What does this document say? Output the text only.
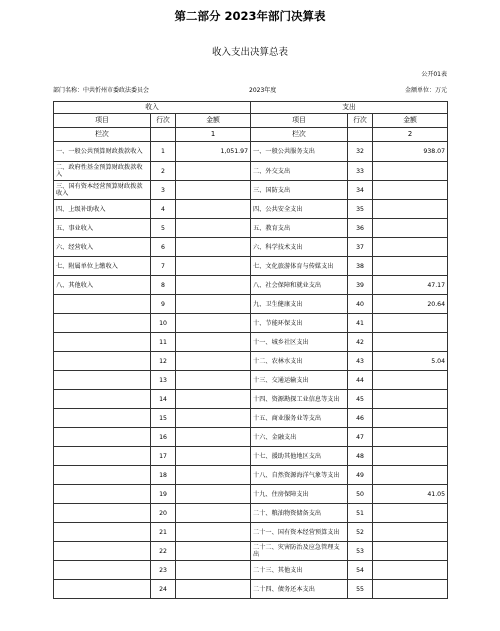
第二部分 2023年部门决算表
收入支出决算总表
公开01表
部门名称：中共忻州市委政法委员会	2023年度	金额单位：万元
收入			支出		
项目	行次	金额	项目	行次	金额
栏次		1	栏次		2
一、一般公共预算财政拨款收入	1	1,051.97	一、一般公共服务支出	32	938.07
二、政府性基金预算财政拨款收入	2		二、外交支出	33	
三、国有资本经营预算财政拨款收入	3		三、国防支出	34	
四、上级补助收入	4		四、公共安全支出	35	
五、事业收入	5		五、教育支出	36	
六、经营收入	6		六、科学技术支出	37	
七、附属单位上缴收入	7		七、文化旅游体育与传媒支出	38	
八、其他收入	8		八、社会保障和就业支出	39	47.17
	9		九、卫生健康支出	40	20.64
	10		十、节能环保支出	41	
	11		十一、城乡社区支出	42	
	12		十二、农林水支出	43	5.04
	13		十三、交通运输支出	44	
	14		十四、资源勘探工业信息等支出	45	
	15		十五、商业服务业等支出	46	
	16		十六、金融支出	47	
	17		十七、援助其他地区支出	48	
	18		十八、自然资源海洋气象等支出	49	
	19		十九、住房保障支出	50	41.05
	20		二十、粮油物资储备支出	51	
	21		二十一、国有资本经营预算支出	52	
	22		二十二、灾害防治及应急管理支出	53	
	23		二十三、其他支出	54	
	24		二十四、债务还本支出	55	
